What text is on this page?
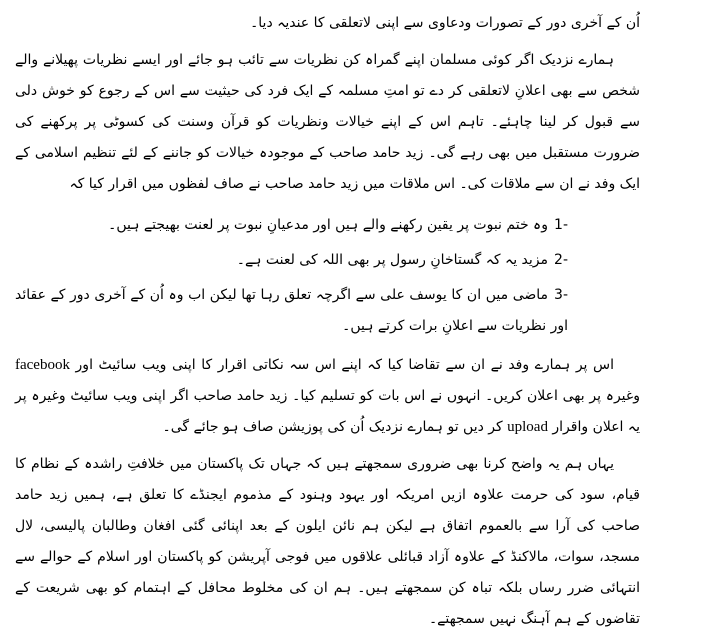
اُن کے آخری دور کے تصورات ودعاوی سے اپنی لاتعلقی کا عندیہ دیا۔

ہمارے نزدیک اگر کوئی مسلمان اپنے گمراہ کن نظریات سے تائب ہو جائے اور ایسے نظریات پھیلانے والے شخص سے بھی اعلانِ لاتعلقی کر دے تو امتِ مسلمہ کے ایک فرد کی حیثیت سے اس کے رجوع کو خوش دلی سے قبول کر لینا چاہئے۔ تاہم اس کے اپنے خیالات ونظریات کو قرآن وسنت کی کسوٹی پر پرکھنے کی ضرورت مستقبل میں بھی رہے گی۔ زید حامد صاحب کے موجودہ خیالات کو جاننے کے لئے تنظیم اسلامی کے ایک وفد نے ان سے ملاقات کی۔ اس ملاقات میں زید حامد صاحب نے صاف لفظوں میں اقرار کیا کہ

1-وہ ختم نبوت پر یقین رکھنے والے ہیں اور مدعیانِ نبوت پر لعنت بھیجتے ہیں۔

2-مزید یہ کہ گستاخانِ رسول پر بھی اللہ کی لعنت ہے۔

3-ماضی میں ان کا یوسف علی سے اگرچہ تعلق رہا تھا لیکن اب وہ اُن کے آخری دور کے عقائد اور نظریات سے اعلانِ برات کرتے ہیں۔

اس پر ہمارے وفد نے ان سے تقاضا کیا کہ اپنے اس سہ نکاتی اقرار کا اپنی ویب سائیٹ اور facebook وغیرہ پر بھی اعلان کریں۔ انہوں نے اس بات کو تسلیم کیا۔ زید حامد صاحب اگر اپنی ویب سائیٹ وغیرہ پر یہ اعلان واقرار upload کر دیں تو ہمارے نزدیک اُن کی پوزیشن صاف ہو جائے گی۔

یہاں ہم یہ واضح کرنا بھی ضروری سمجھتے ہیں کہ جہاں تک پاکستان میں خلافتِ راشدہ کے نظام کا قیام، سود کی حرمت علاوہ ازیں امریکہ اور یہود وہنود کے مذموم ایجنڈے کا تعلق ہے، ہمیں زید حامد صاحب کی آرا سے بالعموم اتفاق ہے لیکن ہم نائن ایلون کے بعد اپنائی گئی افغان وطالبان پالیسی، لال مسجد، سوات، مالاکنڈ کے علاوہ آزاد قبائلی علاقوں میں فوجی آپریشن کو پاکستان اور اسلام کے حوالے سے انتہائی ضرر رساں بلکہ تباہ کن سمجھتے ہیں۔ ہم ان کی مخلوط محافل کے اہتمام کو بھی شریعت کے تقاضوں کے ہم آہنگ نہیں سمجھتے۔
